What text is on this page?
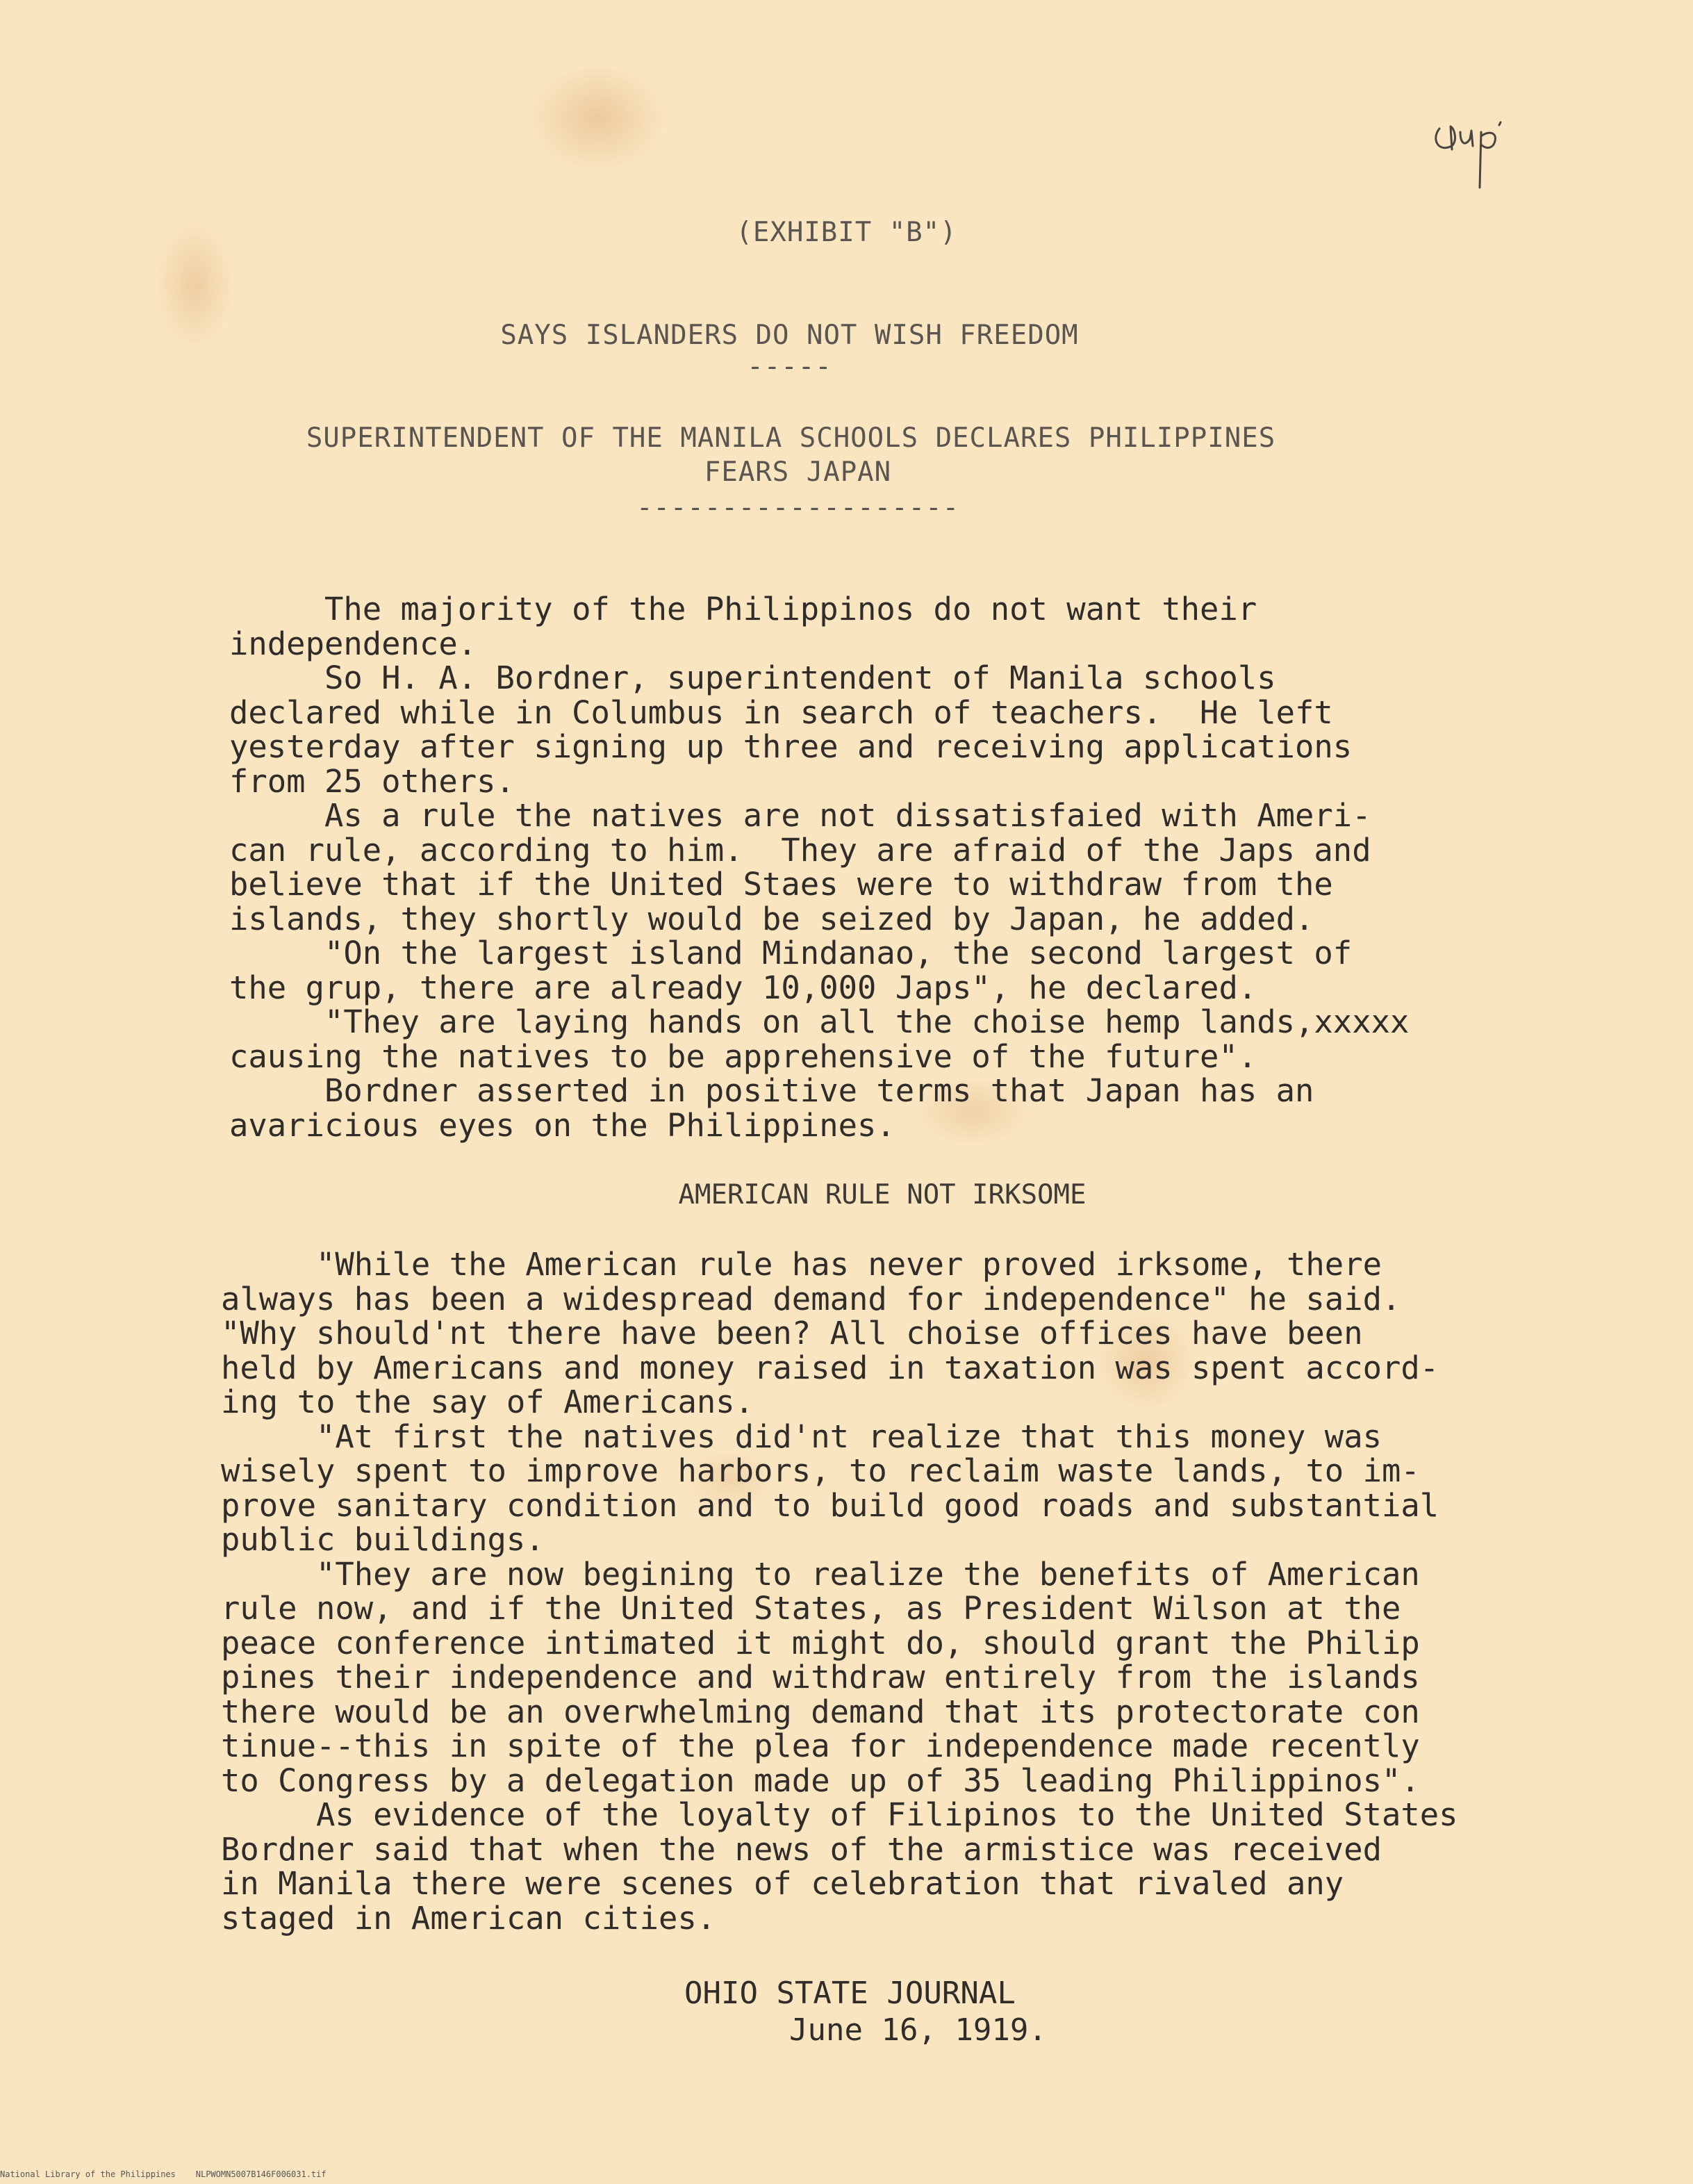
(EXHIBIT "B")
SAYS ISLANDERS DO NOT WISH FREEDOM
-----
SUPERINTENDENT OF THE MANILA SCHOOLS DECLARES PHILIPPINES
FEARS JAPAN
-------------------
The majority of the Philippinos do not want their
independence.
So H. A. Bordner, superintendent of Manila schools
declared while in Columbus in search of teachers.  He left
yesterday after signing up three and receiving applications
from 25 others.
As a rule the natives are not dissatisfaied with Ameri-
can rule, according to him.  They are afraid of the Japs and
believe that if the United Staes were to withdraw from the
islands, they shortly would be seized by Japan, he added.
"On the largest island Mindanao, the second largest of
the grup, there are already 10,000 Japs", he declared.
"They are laying hands on all the choise hemp lands,xxxxx
causing the natives to be apprehensive of the future".
Bordner asserted in positive terms that Japan has an
avaricious eyes on the Philippines.
AMERICAN RULE NOT IRKSOME
"While the American rule has never proved irksome, there
always has been a widespread demand for independence" he said.
"Why should'nt there have been? All choise offices have been
held by Americans and money raised in taxation was spent accord-
ing to the say of Americans.
"At first the natives did'nt realize that this money was
wisely spent to improve harbors, to reclaim waste lands, to im-
prove sanitary condition and to build good roads and substantial
public buildings.
"They are now begining to realize the benefits of American
rule now, and if the United States, as President Wilson at the
peace conference intimated it might do, should grant the Philip
pines their independence and withdraw entirely from the islands
there would be an overwhelming demand that its protectorate con
tinue--this in spite of the plea for independence made recently
to Congress by a delegation made up of 35 leading Philippinos".
As evidence of the loyalty of Filipinos to the United States
Bordner said that when the news of the armistice was received
in Manila there were scenes of celebration that rivaled any
staged in American cities.
OHIO STATE JOURNAL
June 16, 1919.
National Library of the Philippines    NLPWOMN5007B146F006031.tif
